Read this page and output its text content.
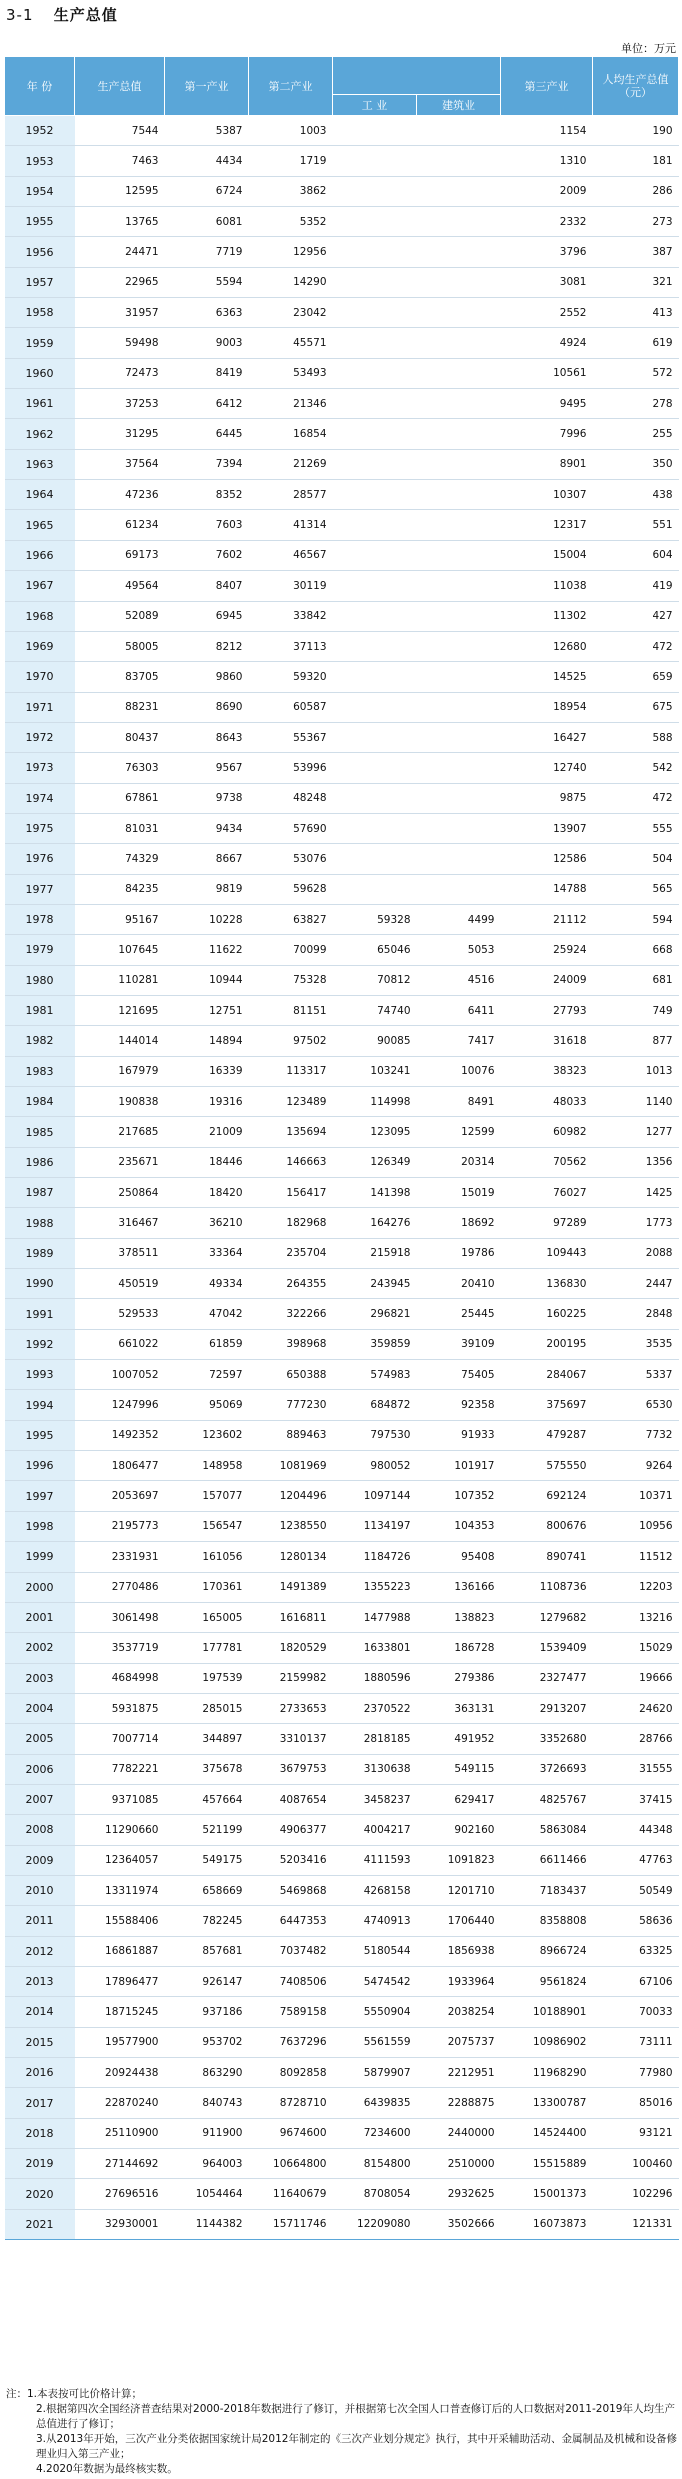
3-1 生产总值
单位：万元
年 份	生产总值	第一产业	第二产业			第三产业	人均生产总值（元）
				工 业	建筑业		
1952	7544	5387	1003			1154	190
1953	7463	4434	1719			1310	181
1954	12595	6724	3862			2009	286
1955	13765	6081	5352			2332	273
1956	24471	7719	12956			3796	387
1957	22965	5594	14290			3081	321
1958	31957	6363	23042			2552	413
1959	59498	9003	45571			4924	619
1960	72473	8419	53493			10561	572
1961	37253	6412	21346			9495	278
1962	31295	6445	16854			7996	255
1963	37564	7394	21269			8901	350
1964	47236	8352	28577			10307	438
1965	61234	7603	41314			12317	551
1966	69173	7602	46567			15004	604
1967	49564	8407	30119			11038	419
1968	52089	6945	33842			11302	427
1969	58005	8212	37113			12680	472
1970	83705	9860	59320			14525	659
1971	88231	8690	60587			18954	675
1972	80437	8643	55367			16427	588
1973	76303	9567	53996			12740	542
1974	67861	9738	48248			9875	472
1975	81031	9434	57690			13907	555
1976	74329	8667	53076			12586	504
1977	84235	9819	59628			14788	565
1978	95167	10228	63827	59328	4499	21112	594
1979	107645	11622	70099	65046	5053	25924	668
1980	110281	10944	75328	70812	4516	24009	681
1981	121695	12751	81151	74740	6411	27793	749
1982	144014	14894	97502	90085	7417	31618	877
1983	167979	16339	113317	103241	10076	38323	1013
1984	190838	19316	123489	114998	8491	48033	1140
1985	217685	21009	135694	123095	12599	60982	1277
1986	235671	18446	146663	126349	20314	70562	1356
1987	250864	18420	156417	141398	15019	76027	1425
1988	316467	36210	182968	164276	18692	97289	1773
1989	378511	33364	235704	215918	19786	109443	2088
1990	450519	49334	264355	243945	20410	136830	2447
1991	529533	47042	322266	296821	25445	160225	2848
1992	661022	61859	398968	359859	39109	200195	3535
1993	1007052	72597	650388	574983	75405	284067	5337
1994	1247996	95069	777230	684872	92358	375697	6530
1995	1492352	123602	889463	797530	91933	479287	7732
1996	1806477	148958	1081969	980052	101917	575550	9264
1997	2053697	157077	1204496	1097144	107352	692124	10371
1998	2195773	156547	1238550	1134197	104353	800676	10956
1999	2331931	161056	1280134	1184726	95408	890741	11512
2000	2770486	170361	1491389	1355223	136166	1108736	12203
2001	3061498	165005	1616811	1477988	138823	1279682	13216
2002	3537719	177781	1820529	1633801	186728	1539409	15029
2003	4684998	197539	2159982	1880596	279386	2327477	19666
2004	5931875	285015	2733653	2370522	363131	2913207	24620
2005	7007714	344897	3310137	2818185	491952	3352680	28766
2006	7782221	375678	3679753	3130638	549115	3726693	31555
2007	9371085	457664	4087654	3458237	629417	4825767	37415
2008	11290660	521199	4906377	4004217	902160	5863084	44348
2009	12364057	549175	5203416	4111593	1091823	6611466	47763
2010	13311974	658669	5469868	4268158	1201710	7183437	50549
2011	15588406	782245	6447353	4740913	1706440	8358808	58636
2012	16861887	857681	7037482	5180544	1856938	8966724	63325
2013	17896477	926147	7408506	5474542	1933964	9561824	67106
2014	18715245	937186	7589158	5550904	2038254	10188901	70033
2015	19577900	953702	7637296	5561559	2075737	10986902	73111
2016	20924438	863290	8092858	5879907	2212951	11968290	77980
2017	22870240	840743	8728710	6439835	2288875	13300787	85016
2018	25110900	911900	9674600	7234600	2440000	14524400	93121
2019	27144692	964003	10664800	8154800	2510000	15515889	100460
2020	27696516	1054464	11640679	8708054	2932625	15001373	102296
2021	32930001	1144382	15711746	12209080	3502666	16073873	121331
注：1.本表按可比价格计算；
2.根据第四次全国经济普查结果对2000-2018年数据进行了修订，并根据第七次全国人口普查修订后的人口数据对2011-2019年人均生产总值进行了修订；
3.从2013年开始，三次产业分类依据国家统计局2012年制定的《三次产业划分规定》执行，其中开采辅助活动、金属制品及机械和设备修理业归入第三产业；
4.2020年数据为最终核实数。
